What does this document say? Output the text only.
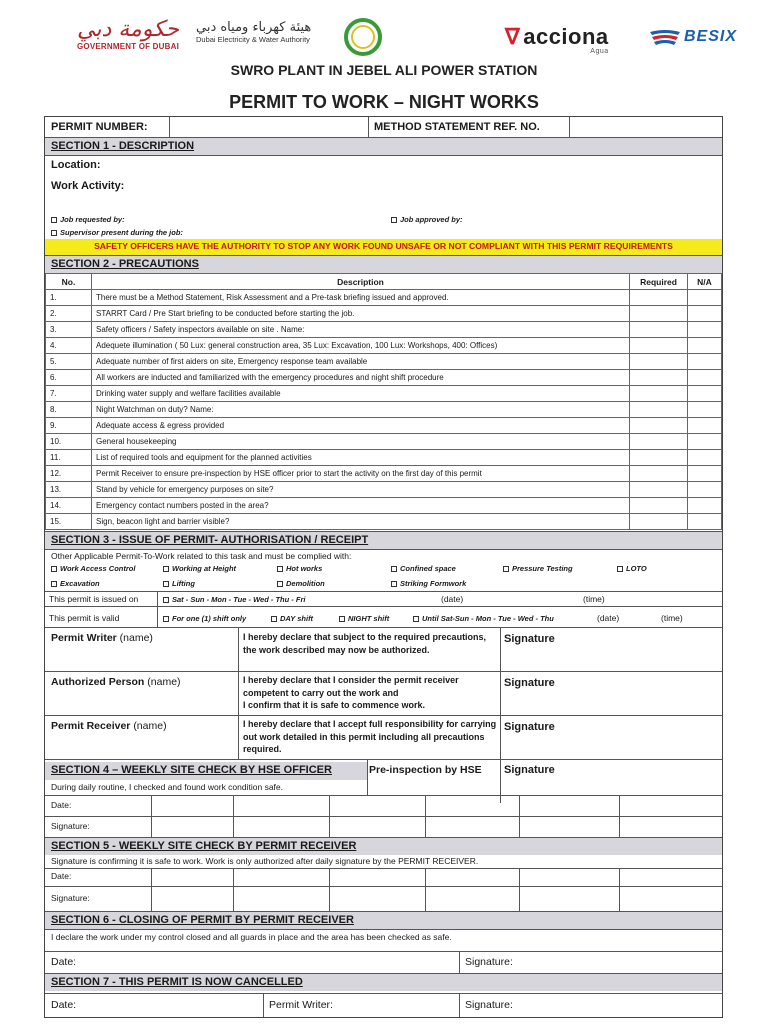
حكومة دبي
GOVERNMENT OF DUBAI
هيئة كهرباء ومياه دبي
Dubai Electricity & Water Authority	∇ acciona
Agua
BESIX
SWRO PLANT IN JEBEL ALI POWER STATION
PERMIT TO WORK – NIGHT WORKS
PERMIT NUMBER:	METHOD STATEMENT REF. NO.
SECTION 1 - DESCRIPTION
Location:
Work Activity:
Job requested by:	Job approved by:
Supervisor present during the job:
SAFETY OFFICERS HAVE THE AUTHORITY TO STOP ANY WORK FOUND UNSAFE OR NOT COMPLIANT WITH THIS PERMIT REQUIREMENTS
SECTION 2 - PRECAUTIONS
No.	Description	Required	N/A
1.	There must be a Method Statement, Risk Assessment and a Pre-task briefing issued and approved.		
2.	STARRT Card / Pre Start briefing to be conducted before starting the job.		
3.	Safety officers / Safety inspectors available on site . Name:		
4.	Adequete illumination ( 50 Lux: general construction area, 35 Lux: Excavation, 100 Lux: Workshops, 400: Offices)		
5.	Adequate number of first aiders on site, Emergency response team available		
6.	All workers are inducted and familiarized with the emergency procedures and night shift procedure		
7.	Drinking water supply and welfare facilities available		
8.	Night Watchman on duty? Name:		
9.	Adequate access & egress provided		
10.	General housekeeping		
11.	List of required tools and equipment for the planned activities		
12.	Permit Receiver to ensure pre-inspection by HSE officer prior to start the activity on the first day of this permit		
13.	Stand by vehicle for emergency purposes on site?		
14.	Emergency contact numbers posted in the area?		
15.	Sign, beacon light and barrier visible?		
SECTION 3 - ISSUE OF PERMIT- AUTHORISATION / RECEIPT
Other Applicable Permit-To-Work related to this task and must be complied with:
Work Access Control	Working at Height	Hot works	Confined space	Pressure Testing	LOTO
Excavation	Lifting	Demolition	Striking Formwork
This permit is issued on	Sat - Sun - Mon - Tue - Wed - Thu - Fri	(date)	(time)
This permit is valid	For one (1) shift only	DAY shift	NIGHT shift	Until Sat-Sun - Mon - Tue - Wed - Thu	(date)	(time)
Permit Writer (name)	I hereby declare that subject to the required precautions, the work described may now be authorized.
Signature
Authorized Person (name)	I hereby declare that I consider the permit receiver competent to carry out the work and
I confirm that it is safe to commence work.
Signature
Permit Receiver (name)	I hereby declare that I accept full responsibility for carrying out work detailed in this permit including all precautions required.
Signature
SECTION 4 – WEEKLY SITE CHECK BY HSE OFFICER	Pre-inspection by HSE Signature
During daily routine, I checked and found work condition safe.
Date:
Signature:
SECTION 5 - WEEKLY SITE CHECK BY PERMIT RECEIVER
Signature is confirming it is safe to work. Work is only authorized after daily signature by the PERMIT RECEIVER.
Date:
Signature:
SECTION 6 - CLOSING OF PERMIT BY PERMIT RECEIVER
I declare the work under my control closed and all guards in place and the area has been checked as safe.
Date:	Signature:
SECTION 7 - THIS PERMIT IS NOW CANCELLED
Date:	Permit Writer:	Signature:
